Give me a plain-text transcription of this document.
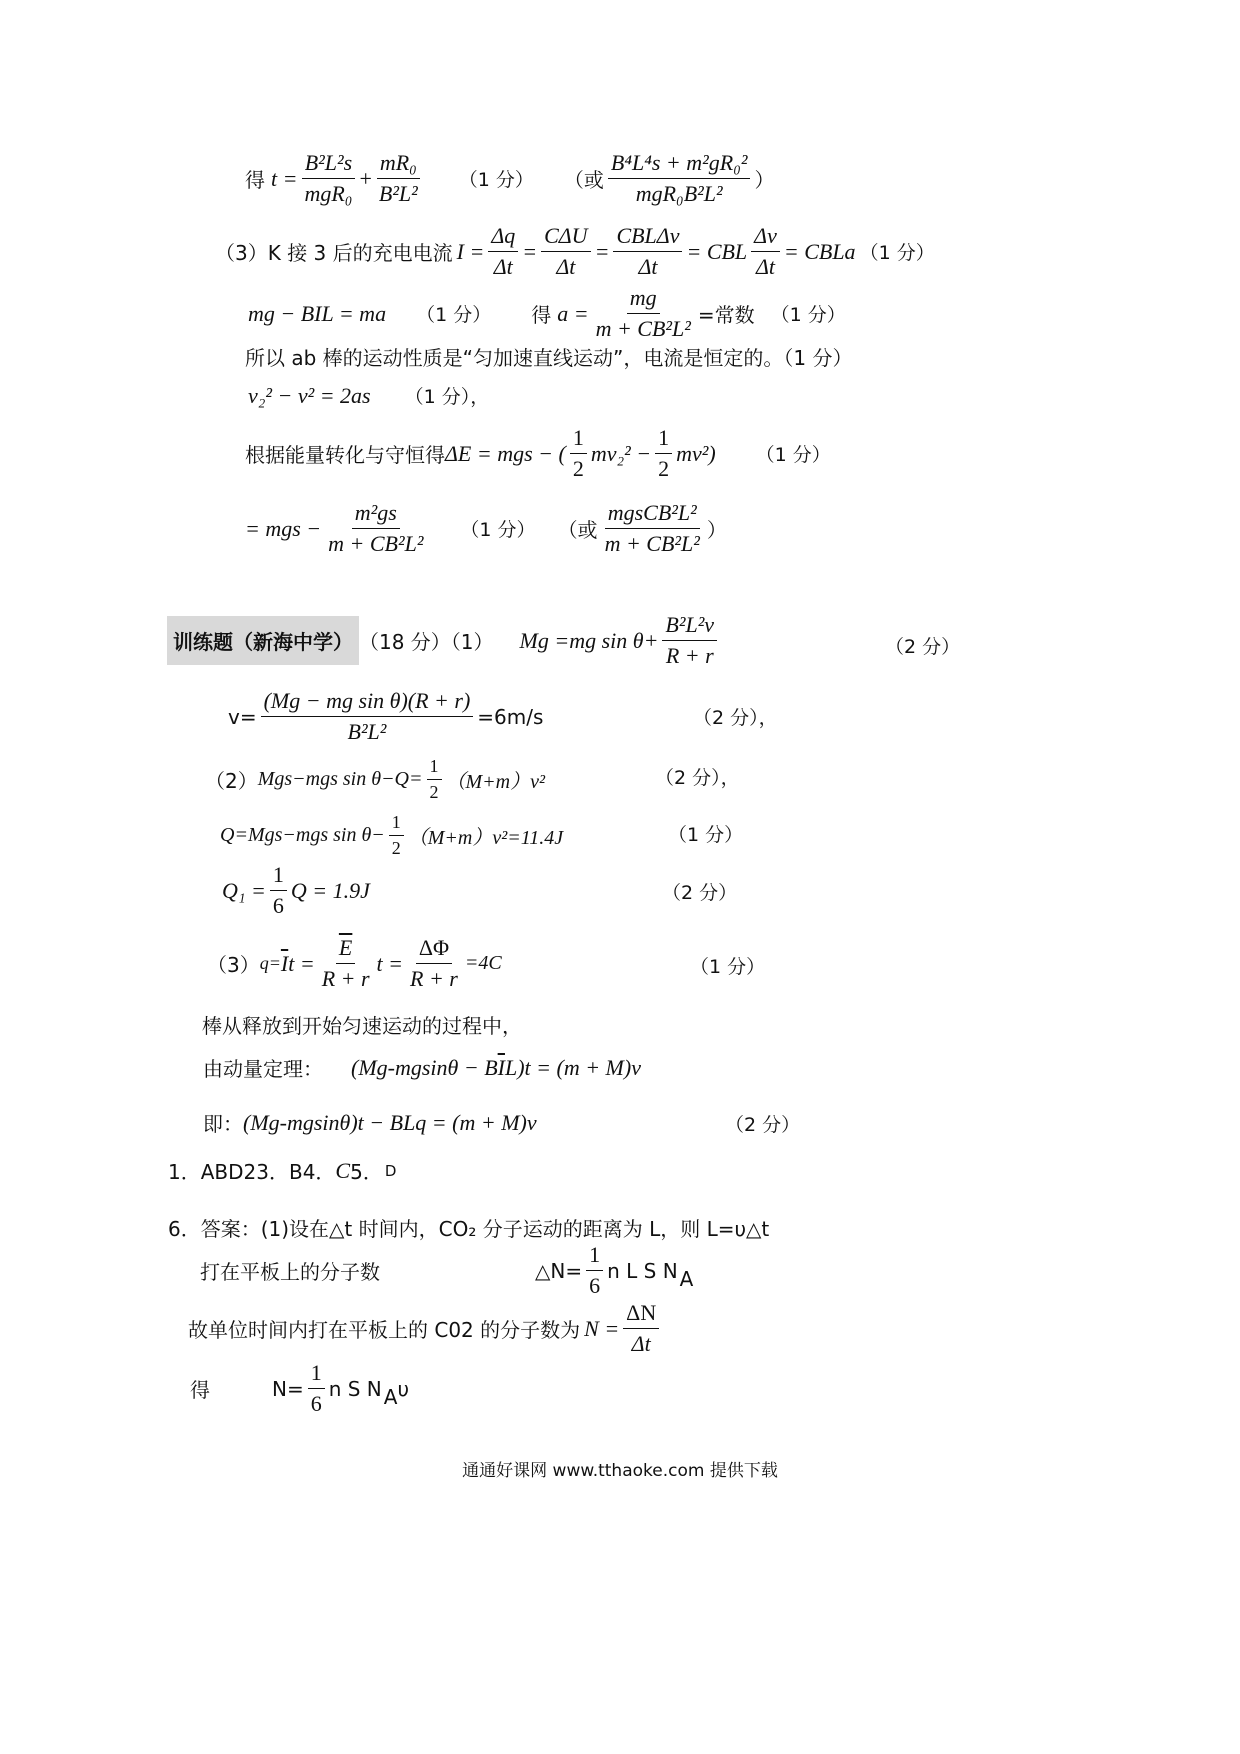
得 $t = \frac{\text{B²L²s}}{\text{mgR₀}} + \frac{\text{mR₀}}{\text{B²L²}} (1$ 分） （或 $\frac{\text{B⁴L⁴s + m²gR₀²}}{\text{mgR₀B²L²}}$ ）
（3）K 接 3 后的充电电流 $I = \frac{\Delta q}{\Delta t} = \frac{\text{CΔU}}{\Delta t} = \frac{\text{CBLΔv}}{\Delta t}$ = CBL $\frac{\Delta v}{\Delta t}$ = CBLa （1 分）
mg − BIL = ma （1 分） 得 $a = \frac{mg}{\text{m + CB²L²}}$ =常数 （1 分）
所以 ab 棒的运动性质是“匀加速直线运动”，电流是恒定的。（1 分）
v₂² − v² = 2as （1 分），
根据能量转化与守恒得 ΔE = mgs − ( $\frac{1}{2} mv_2^2 - \frac{1}{2} mv^2$) （1 分）
= mgs − $\frac{\text{m²gs}}{\text{m + CB²L²}} (1$ 分） （或 $\frac{\text{mgsCB²L²}}{\text{m + CB²L²}}$ ）
训练题（新海中学） （18 分）（1） Mg =mg $\sin \theta+ \frac{\text{B²L²v}}{R + r}$	（2 分）
$v= \frac{\text{(Mg − mg sin θ)(R + r)}}{\text{B²L²}} =6m/s$	（2 分），
（2） Mgs−mgs $\sin \theta-Q= \frac{1}{2} (M+m)v^2$	（2 分），
Q=Mgs−mgs $\sin \theta- \frac{1}{2} (M+m)v^2=11.4J$	（1 分）
$Q_1 = \frac{1}{6}$ Q = 1.9J	（2 分）
（3） $q= \overline{I}$ $t = \frac{\overline{E}}{R + r}$ $t = \frac{\Delta\Phi}{R + r} =4C$	（1 分）
棒从释放到开始匀速运动的过程中，
由动量定理： (Mg-mgsinθ − B $\overline{I}$ L)t = (m + M)v
即： (Mg-mgsinθ)t − BLq = (m + M)v	（2 分）
1．ABD23．B4． C 5． D
6．答案：(1)设在△t 时间内，CO₂ 分子运动的距离为 L，则 L=υ△t
打在平板上的分子数	△N= $\frac{1}{6}$ n L S N A
故单位时间内打在平板上的 C02 的分子数为 $N = \frac{\Delta N}{\Delta t}$
得	$N= \frac{1}{6}$ n S N A υ
通通好课网 www.tthaoke.com 提供下载
